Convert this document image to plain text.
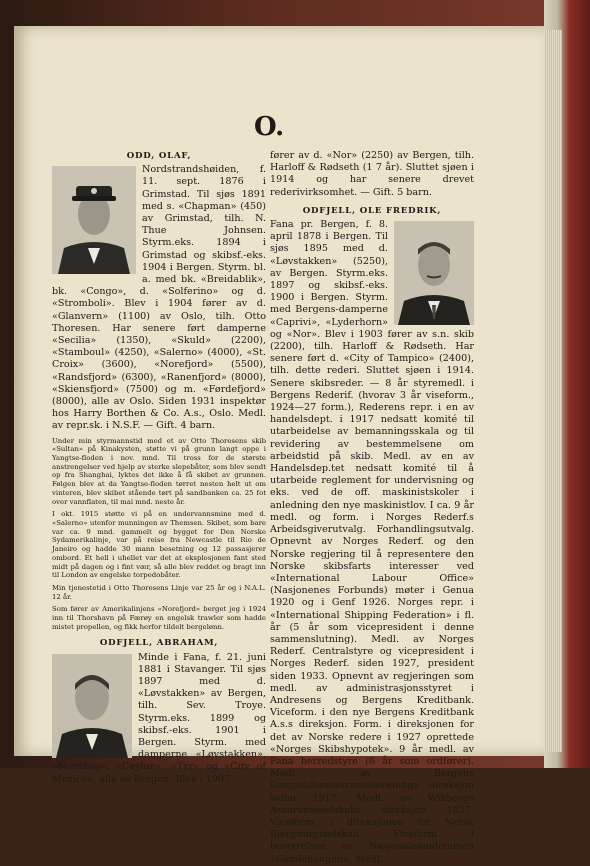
O.

ODD, OLAF,

Nordstrandshøiden, f. 11. sept. 1876 i Grimstad. Til sjøs 1891 med s. «Chapman» (450) av Grimstad, tilh. N. Thue Johnsen. Styrm.eks. 1894 i Grimstad og skibsf.-eks. 1904 i Bergen. Styrm. bl. a. med bk. «Breidablik», bk. «Congo», d. «Solferino» og d. «Stromboli». Blev i 1904 fører av d. «Glanvern» (1100) av Oslo, tilh. Otto Thoresen. Har senere ført damperne «Secilia» (1350), «Skuld» (2200), «Stamboul» (4250), «Salerno» (4000), «St. Croix» (3600), «Norefjord» (5500), «Randsfjord» (6300), «Ranenfjord» (8000), «Skiensfjord» (7500) og m. «Førdefjord» (8000), alle av Oslo. Siden 1931 inspektør hos Harry Borthen & Co. A.s., Oslo. Medl. av repr.sk. i N.S.F. — Gift. 4 barn.

Under min styrmannstid med et av Otto Thoresens skib «Sultan» på Kinakysten, støtte vi på grunn langt oppe i Yangtse-floden i nov. mnd. Til tross for de største anstrengelser ved hjelp av sterke slepebåter, som blev sendt op fra Shanghai, lyktes det ikke å få skibet av grunnen. Følgen blev at da Yangtse-floden tørret nesten helt ut om vinteren, blev skibet stående tørt på sandbanken ca. 25 fot over vannflaten, til mai mnd. neste år.

I okt. 1915 støtte vi på en undervannsmine med d. «Salerno» utenfor munningen av Themsen. Skibet, som bare var ca. 9 mnd. gammelt og bygget for Den Norske Sydamerikalinje, var på reise fra Newcastle til Rio de Janeiro og hadde 30 mann besetning og 12 passasjerer ombord. Et hell i uhellet var det at eksplosjonen fant sted midt på dagen og i fint vær, så alle blev reddet og bragt inn til London av engelske torpedobåter.

Min tjenestetid i Otto Thoresens Linje var 25 år og i N.A.L. 12 år.

Som fører av Amerikalinjens «Norefjord» berget jeg i 1924 inn til Thorshavn på Færøy en engelsk trawler som hadde mistet propellen, og fikk herfor tildelt bergelønn.

ODFJELL, ABRAHAM,

Minde i Fana, f. 21. juni 1881 i Stavanger. Til sjøs 1897 med d. «Løvstakken» av Bergen, tilh. Sev. Troye. Styrm.eks. 1899 og skibsf.-eks. 1901 i Bergen. Styrm. med damperne «Løvstakken», «Nordkap», «Ceylon», «Tyr» og «City of Mexico», alle av Bergen. Blev i 1907

fører av d. «Nor» (2250) av Bergen, tilh. Harloff & Rødseth (1 7 år). Sluttet sjøen i 1914 og har senere drevet rederivirksomhet. — Gift. 5 barn.

ODFJELL, OLE FREDRIK,

Fana pr. Bergen, f. 8. april 1878 i Bergen. Til sjøs 1895 med d. «Løvstakken» (5250), av Bergen. Styrm.eks. 1897 og skibsf.-eks. 1900 i Bergen. Styrm. med Bergens-damperne «Caprivi», «Lyderhorn» og «Nor». Blev i 1903 fører av s.n. skib (2200), tilh. Harloff & Rødseth. Har senere ført d. «City of Tampico» (2400), tilh. dette rederi. Sluttet sjøen i 1914. Senere skibsreder. — 8 år styremedl. i Bergens Rederif. (hvorav 3 år viseform., 1924—27 form.), Rederens repr. i en av handelsdept. i 1917 nedsatt komité til utarbeidelse av bemanningsskala og til revidering av bestemmelsene om arbeidstid på skib. Medl. av en av Handelsdep.tet nedsatt komité til å utarbeide reglement for undervisning og eks. ved de off. maskinistskoler i anledning den nye maskinistlov. I ca. 9 år medl. og form. i Norges Rederf.s Arbeidsgiverutvalg. Forhandlingsutvalg. Opnevnt av Norges Rederf. og den Norske regjering til å representere den Norske skibsfarts interesser ved «International Labour Office» (Nasjonenes Forbunds) møter i Genua 1920 og i Genf 1926. Norges repr. i «International Shipping Federation» i fl. år (5 år som vicepresident i denne sammenslutning). Medl. av Norges Rederf. Centralstyre og vicepresident i Norges Rederf. siden 1927, president siden 1933. Opnevnt av regjeringen som medl. av administrasjonsstyret i Andresens og Bergens Kreditbank. Viceform. i den nye Bergens Kreditbank A.s.s direksjon. Form. i direksjonen for det av Norske redere i 1927 oprettede «Norges Skibshypotek». 9 år medl. av Fana herredstyre (6 år som ordfører). Medl. av Bergens Dampskibsassuranseforenings direksjon siden 1917. Medl. av Wikborgs Assuranseselskabs direksjon 1927. Viceform. i direksjonen for Norsk Bjergningsselskab. Viceform. i bestyrelsen av Nasjonaleiendommen «Gamlehaugen». Medl.
